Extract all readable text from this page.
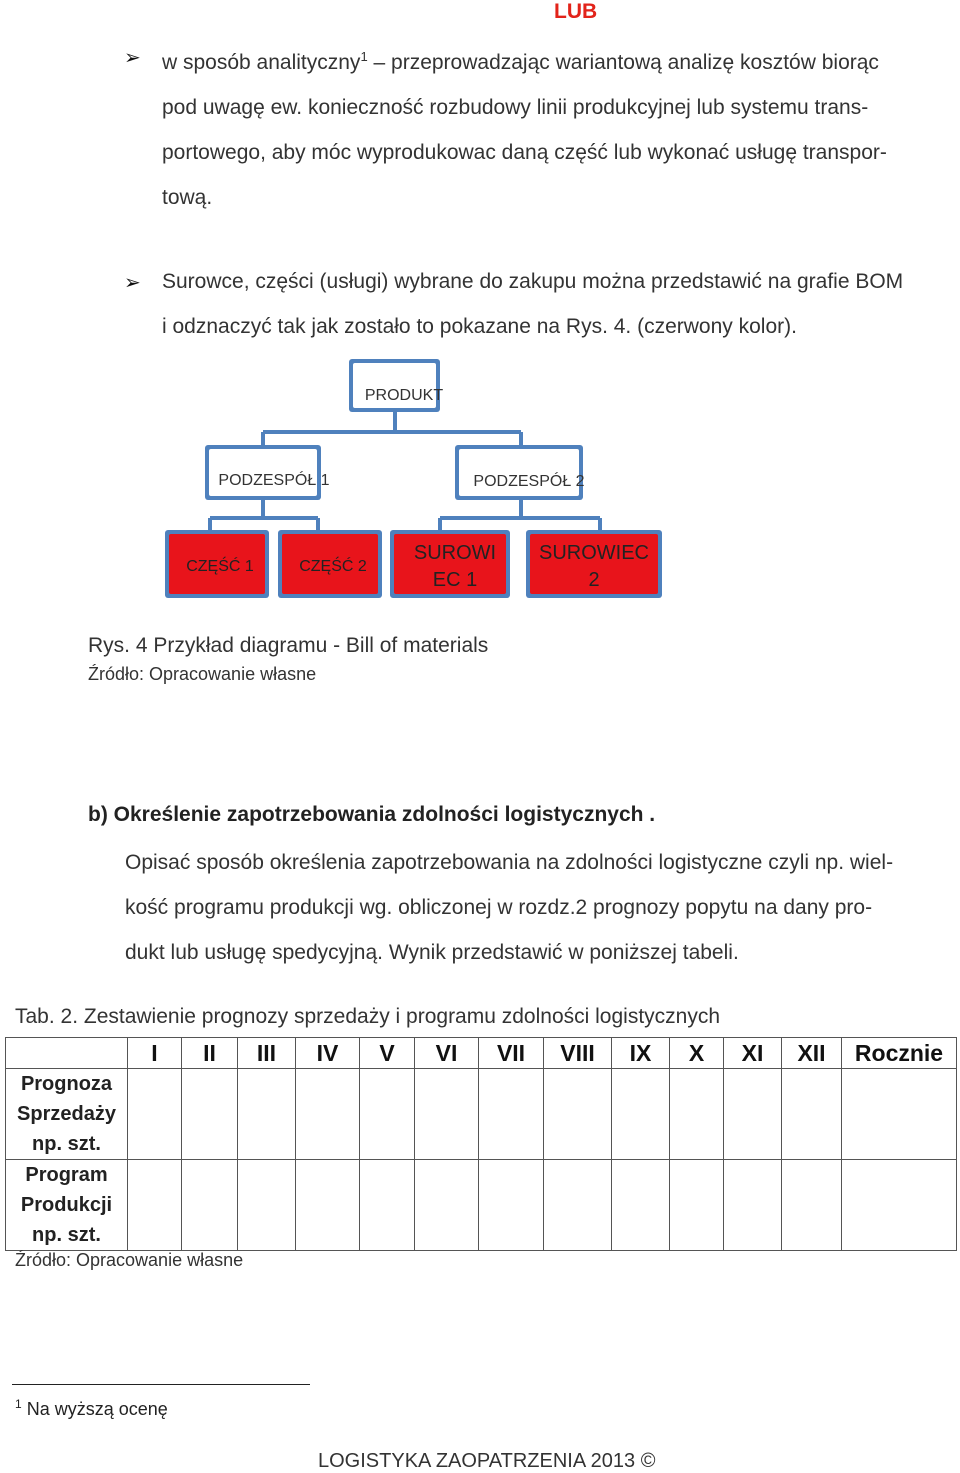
LUB
➢ w sposób analityczny$^1$ – przeprowadzając wariantową analizę kosztów biorąc
pod uwagę ew. konieczność rozbudowy linii produkcyjnej lub systemu trans-
portowego, aby móc wyprodukowac daną część lub wykonać usługę transpor-
tową.
➢ Surowce, części (usługi) wybrane do zakupu można przedstawić na grafie BOM
i odznaczyć tak jak zostało to pokazane na Rys. 4. (czerwony kolor).
PRODUKT
PODZESPÓŁ 1	PODZESPÓŁ 2
CZĘŚĆ 1	CZĘŚĆ 2
SUROWI
EC 1
SUROWIEC
2
Rys. 4 Przykład diagramu - Bill of materials
Źródło: Opracowanie własne
b) Określenie zapotrzebowania zdolności logistycznych .
Opisać sposób określenia zapotrzebowania na zdolności logistyczne czyli np. wiel-
kość programu produkcji wg. obliczonej w rozdz.2 prognozy popytu na dany pro-
dukt lub usługę spedycyjną. Wynik przedstawić w poniższej tabeli.
Tab. 2. Zestawienie prognozy sprzedaży i programu zdolności logistycznych
	I	II	III	IV	V	VI	VII	VIII	IX	X	XI	XII	Rocznie

Prognoza
Sprzedaży
np. szt.													

Program
Produkcji
np. szt.													

Źródło: Opracowanie własne
$^1$ Na wyższą ocenę
LOGISTYKA ZAOPATRZENIA 2013 ©
